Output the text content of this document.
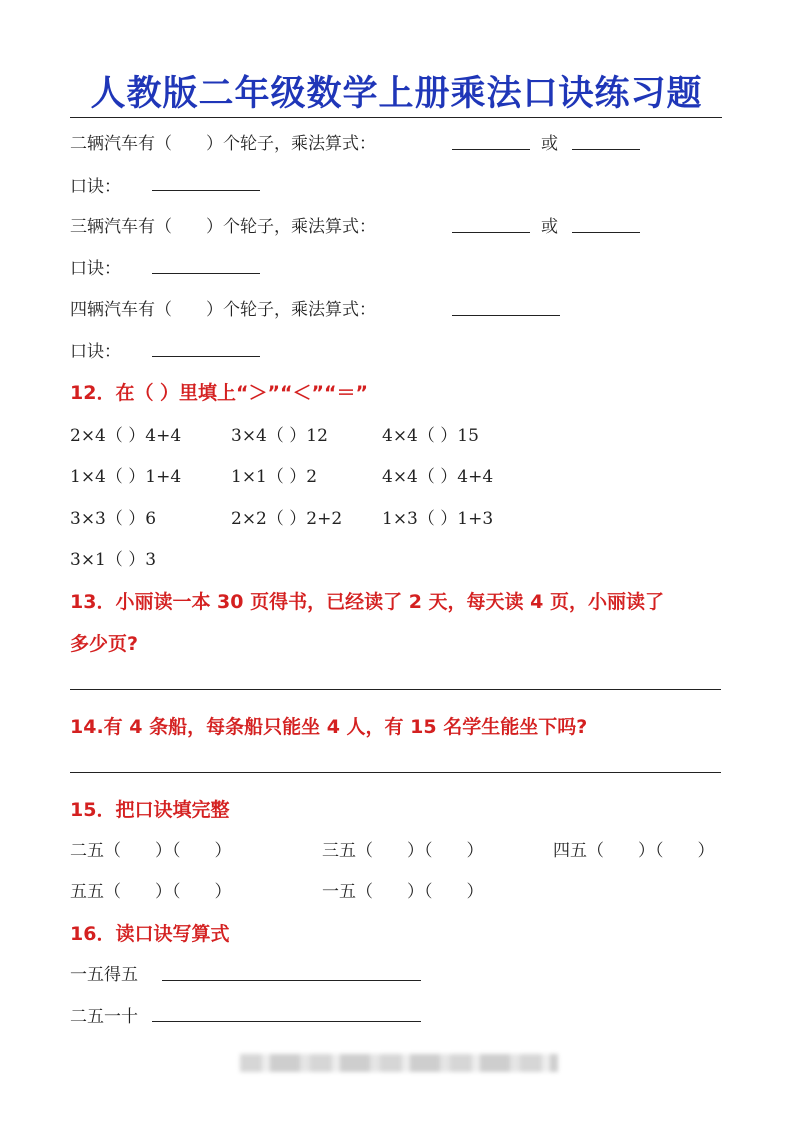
人教版二年级数学上册乘法口诀练习题
二辆汽车有（　　）个轮子，乘法算式：	或
口诀：
三辆汽车有（　　）个轮子，乘法算式：	或
口诀：
四辆汽车有（　　）个轮子，乘法算式：
口诀：
12．在（ ）里填上“＞”“＜”“＝”
2×4（ ）4+4	3×4（ ）12	4×4（ ）15
1×4（ ）1+4	1×1（ ）2	4×4（ ）4+4
3×3（ ）6	2×2（ ）2+2 1×3（ ）1+3
3×1（ ）3
13．小丽读一本 30 页得书，已经读了 2 天，每天读 4 页，小丽读了
多少页?
14.有 4 条船，每条船只能坐 4 人，有 15 名学生能坐下吗?
15．把口诀填完整
二五（　　）（　　）	三五（　　）（　　）	四五（　　）（　　）
五五（　　）（　　）	一五（　　）（　　）
16．读口诀写算式
一五得五
二五一十
